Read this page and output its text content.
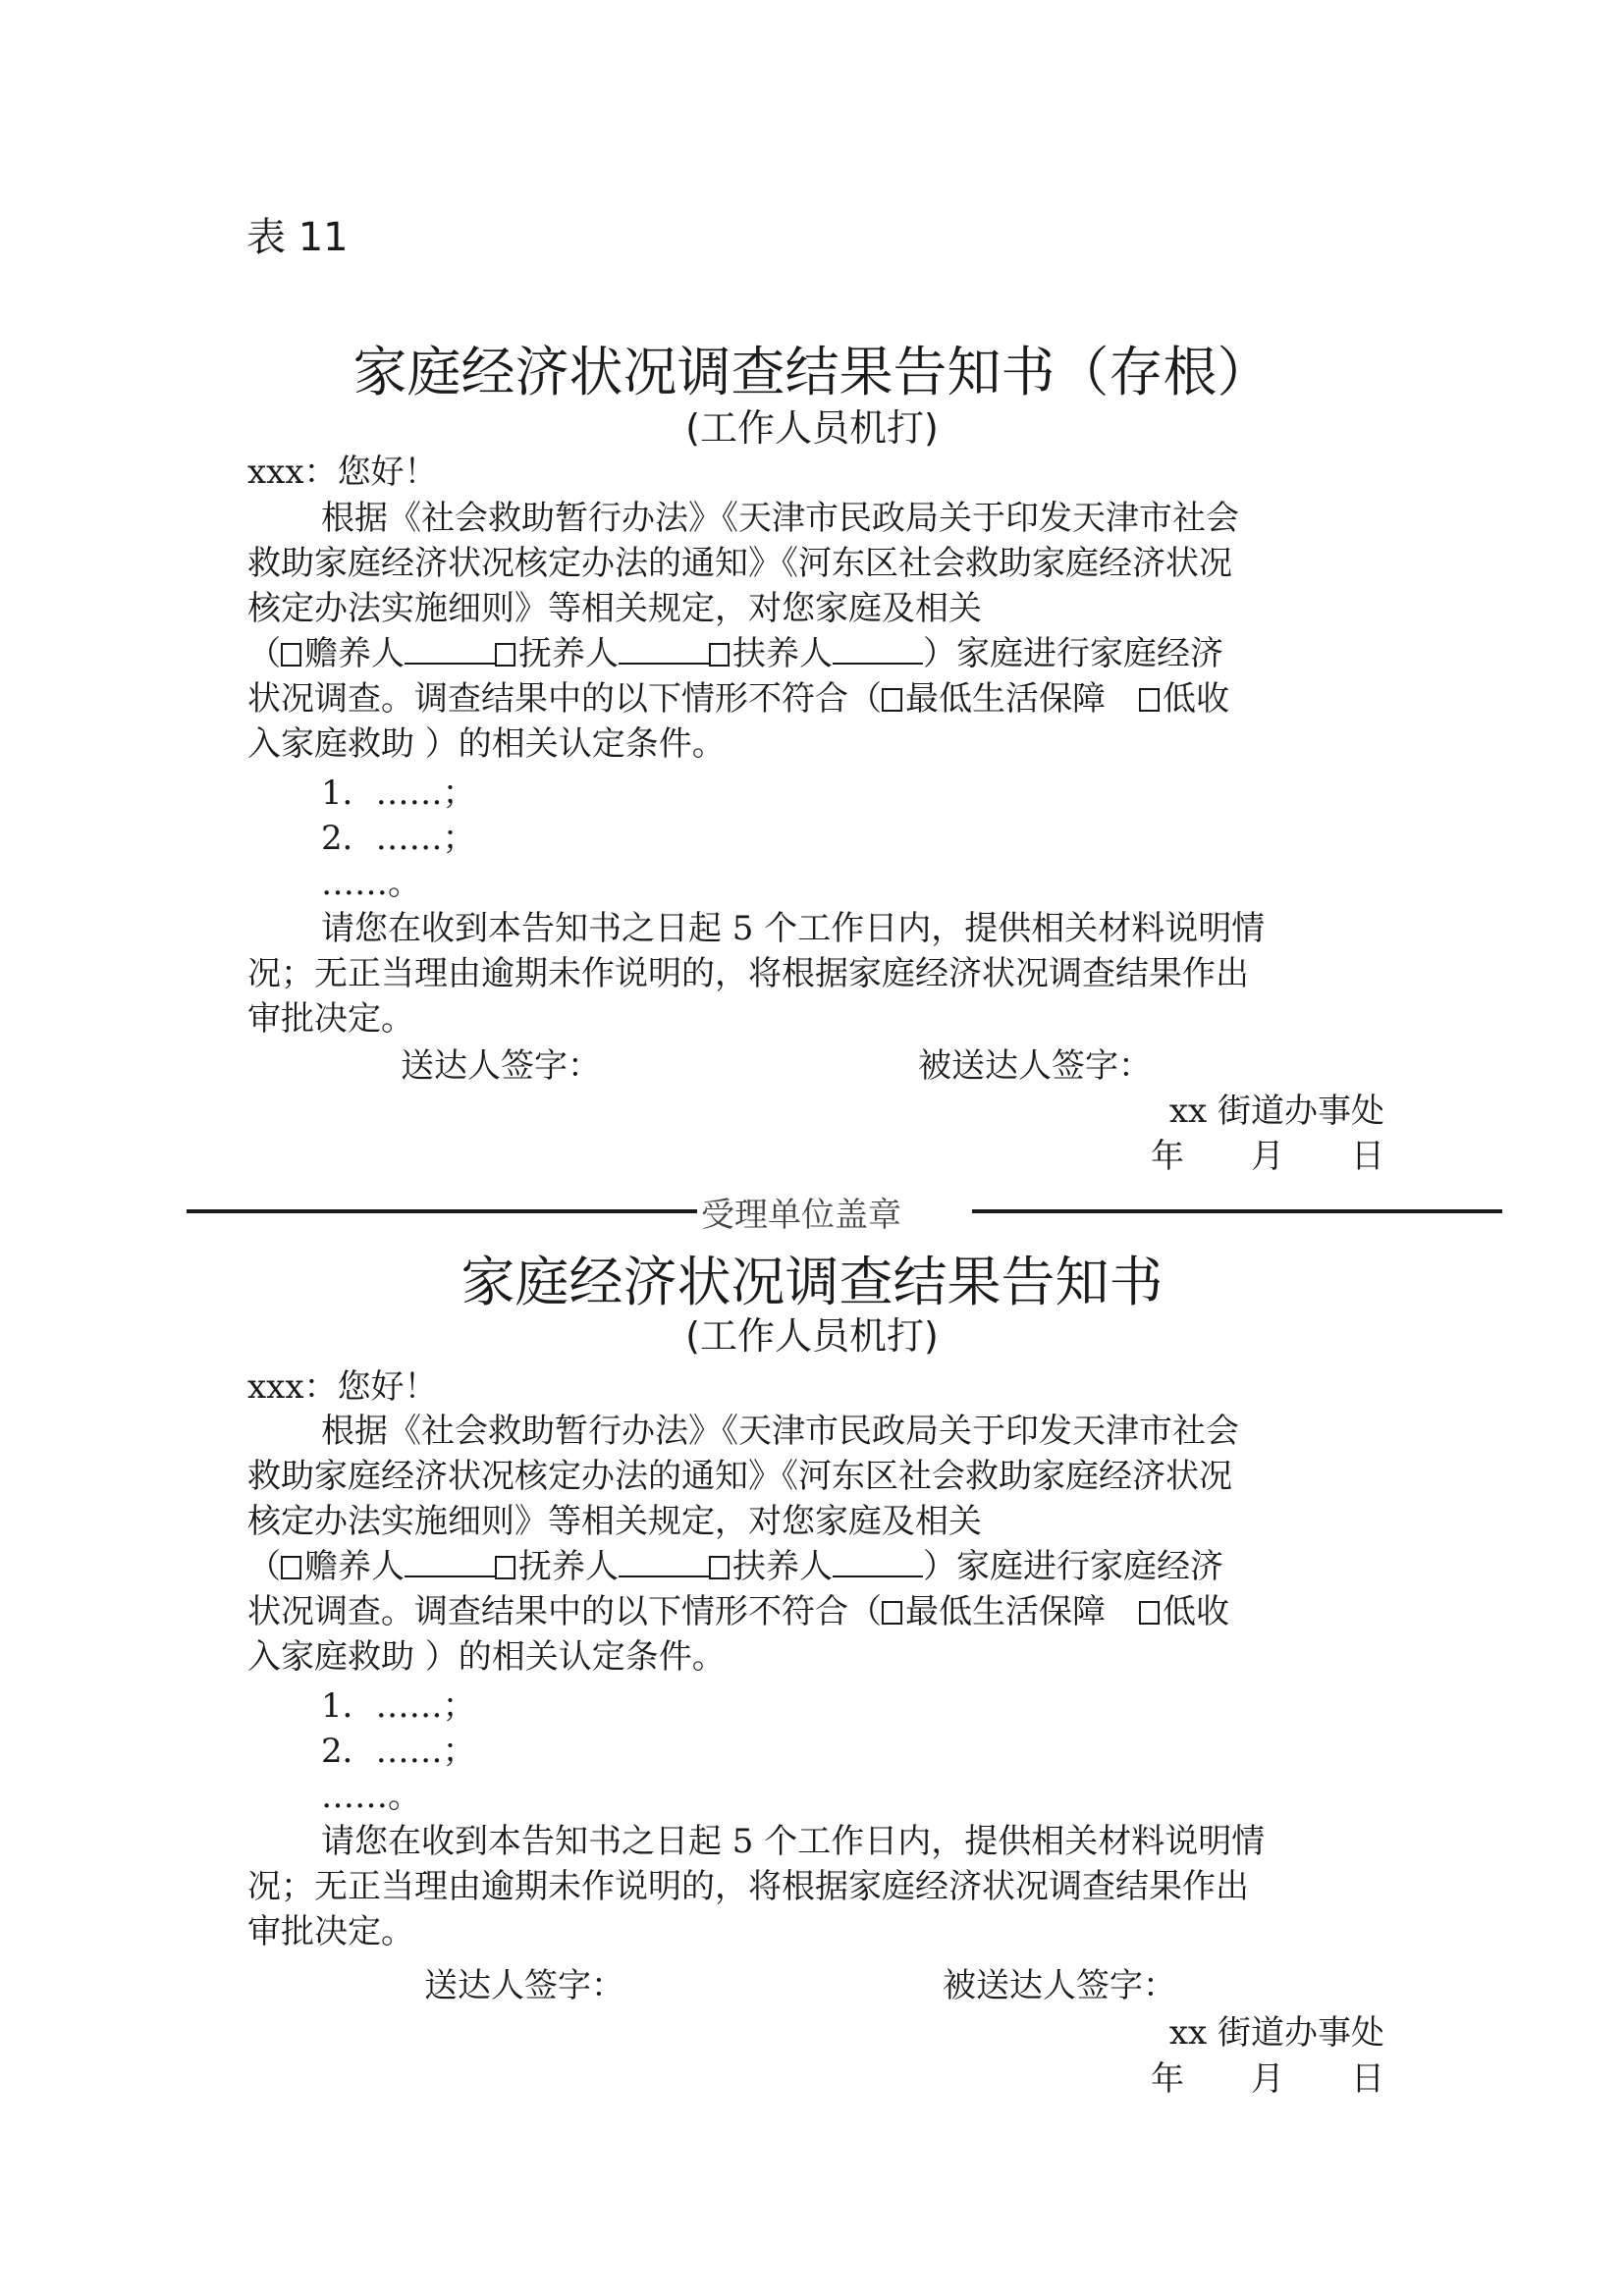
表 11
家庭经济状况调查结果告知书（存根）
(工作人员机打)
xxx：您好！
根据《社会救助暂行办法》《天津市民政局关于印发天津市社会
救助家庭经济状况核定办法的通知》《河东区社会救助家庭经济状况
核定办法实施细则》等相关规定，对您家庭及相关
（ 赡养人	抚养人	扶养人	）家庭进行家庭经济
状况调查。调查结果中的以下情形不符合（ 最低生活保障　 低收
入家庭救助 ）的相关认定条件。
1．……；
2．……；
……。
请您在收到本告知书之日起 5 个工作日内，提供相关材料说明情
况；无正当理由逾期未作说明的，将根据家庭经济状况调查结果作出
审批决定。
送达人签字：	被送达人签字：
xx 街道办事处
年　　月　　日
受理单位盖章
家庭经济状况调查结果告知书
(工作人员机打)
xxx：您好！
根据《社会救助暂行办法》《天津市民政局关于印发天津市社会
救助家庭经济状况核定办法的通知》《河东区社会救助家庭经济状况
核定办法实施细则》等相关规定，对您家庭及相关
（ 赡养人	抚养人	扶养人	）家庭进行家庭经济
状况调查。调查结果中的以下情形不符合（ 最低生活保障　 低收
入家庭救助 ）的相关认定条件。
1．……；
2．……；
……。
请您在收到本告知书之日起 5 个工作日内，提供相关材料说明情
况；无正当理由逾期未作说明的，将根据家庭经济状况调查结果作出
审批决定。
送达人签字：	被送达人签字：
xx 街道办事处
年　　月　　日
